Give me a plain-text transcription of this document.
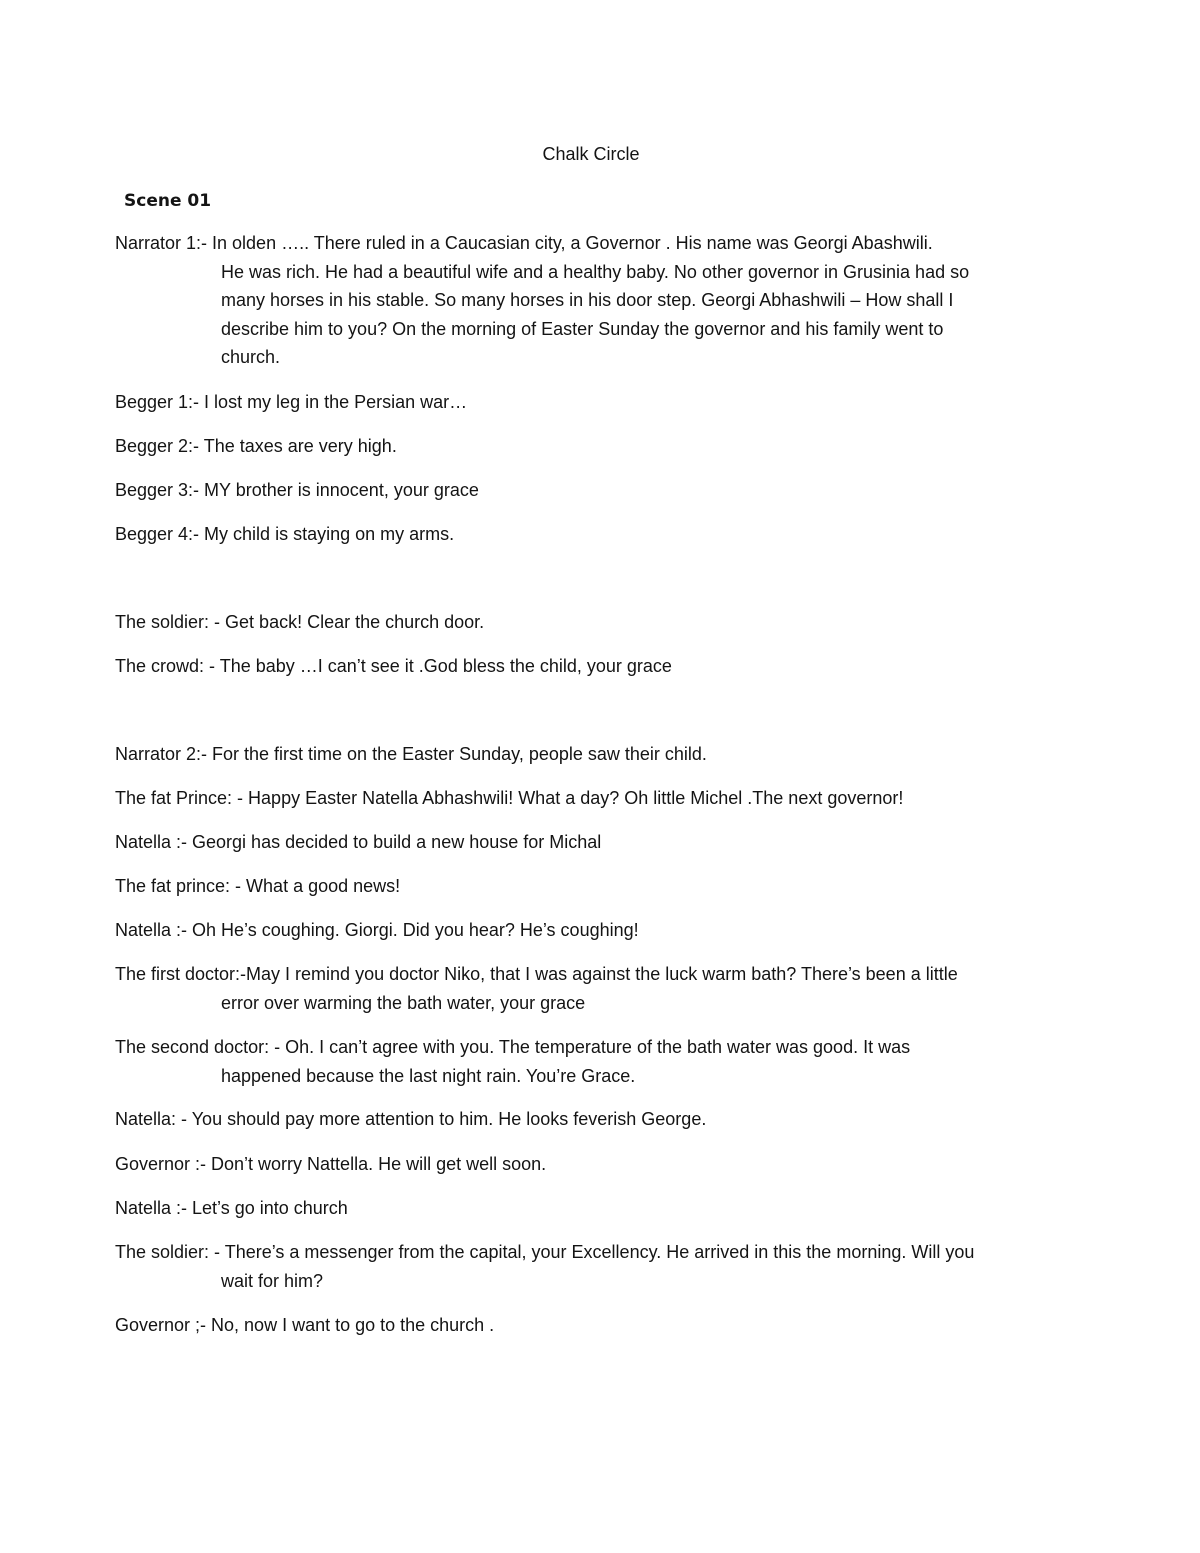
Chalk Circle
Scene 01
Narrator 1:- In olden ….. There ruled in a Caucasian city, a Governor . His name was Georgi Abashwili.
He was rich. He had a beautiful wife and a healthy baby. No other governor in Grusinia had so
many horses in his stable. So many horses in his door step. Georgi Abhashwili – How shall I
describe him to you? On the morning of Easter Sunday the governor and his family went to
church.
Begger 1:- I lost my leg in the Persian war…
Begger 2:- The taxes are very high.
Begger 3:- MY brother is innocent, your grace
Begger 4:- My child is staying on my arms.
The soldier: - Get back! Clear the church door.
The crowd: - The baby …I can’t see it .God bless the child, your grace
Narrator 2:- For the first time on the Easter Sunday, people saw their child.
The fat Prince: - Happy Easter Natella Abhashwili! What a day? Oh little Michel .The next governor!
Natella :- Georgi has decided to build a new house for Michal
The fat prince: - What a good news!
Natella :- Oh He’s coughing. Giorgi. Did you hear? He’s coughing!
The first doctor:-May I remind you doctor Niko, that I was against the luck warm bath? There’s been a little
error over warming the bath water, your grace
The second doctor: - Oh. I can’t agree with you. The temperature of the bath water was good. It was
happened because the last night rain. You’re Grace.
Natella: - You should pay more attention to him. He looks feverish George.
Governor :- Don’t worry Nattella. He will get well soon.
Natella :- Let’s go into church
The soldier: - There’s a messenger from the capital, your Excellency. He arrived in this the morning. Will you
wait for him?
Governor ;- No, now I want to go to the church .
